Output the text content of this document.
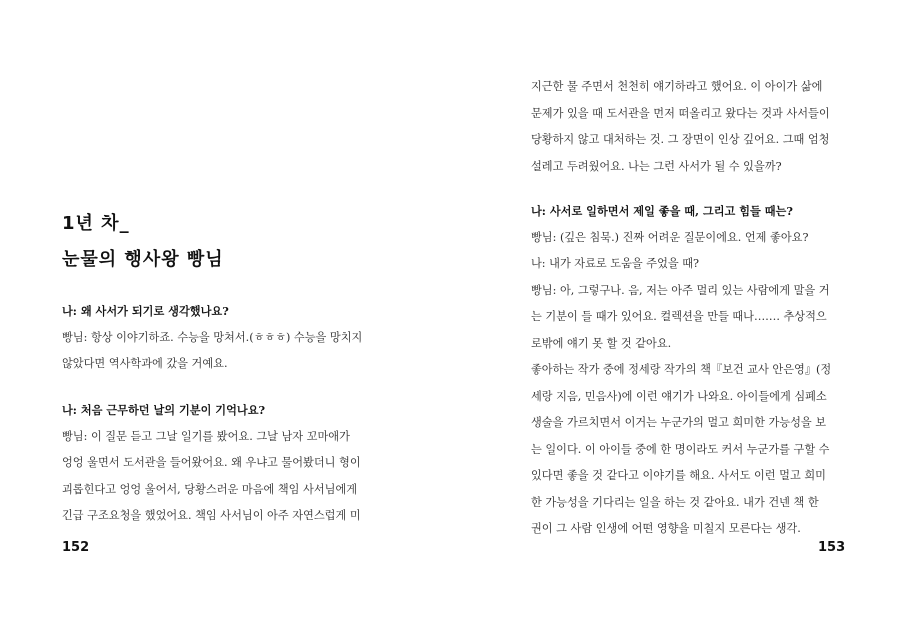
1년 차_
눈물의 행사왕 빵님

나: 왜 사서가 되기로 생각했나요?

빵님: 항상 이야기하죠. 수능을 망쳐서.(ㅎㅎㅎ) 수능을 망치지

않았다면 역사학과에 갔을 거예요.

나: 처음 근무하던 날의 기분이 기억나요?

빵님: 이 질문 듣고 그날 일기를 봤어요. 그날 남자 꼬마애가

엉엉 울면서 도서관을 들어왔어요. 왜 우냐고 물어봤더니 형이

괴롭힌다고 엉엉 울어서, 당황스러운 마음에 책임 사서님에게

긴급 구조요청을 했었어요. 책임 사서님이 아주 자연스럽게 미

152

지근한 물 주면서 천천히 얘기하라고 했어요. 이 아이가 삶에

문제가 있을 때 도서관을 먼저 떠올리고 왔다는 것과 사서들이

당황하지 않고 대처하는 것. 그 장면이 인상 깊어요. 그때 엄청

설레고 두려웠어요. 나는 그런 사서가 될 수 있을까?

나: 사서로 일하면서 제일 좋을 때, 그리고 힘들 때는?

빵님: (깊은 침묵.) 진짜 어려운 질문이에요. 언제 좋아요?

나: 내가 자료로 도움을 주었을 때?

빵님: 아, 그렇구나. 음, 저는 아주 멀리 있는 사람에게 말을 거

는 기분이 들 때가 있어요. 컬렉션을 만들 때나……. 추상적으

로밖에 얘기 못 할 것 같아요.

좋아하는 작가 중에 정세랑 작가의 책『보건 교사 안은영』(정

세랑 지음, 민음사)에 이런 얘기가 나와요. 아이들에게 심폐소

생술을 가르치면서 이거는 누군가의 멀고 희미한 가능성을 보

는 일이다. 이 아이들 중에 한 명이라도 커서 누군가를 구할 수

있다면 좋을 것 같다고 이야기를 해요. 사서도 이런 멀고 희미

한 가능성을 기다리는 일을 하는 것 같아요. 내가 건넨 책 한

권이 그 사람 인생에 어떤 영향을 미칠지 모른다는 생각.

153
